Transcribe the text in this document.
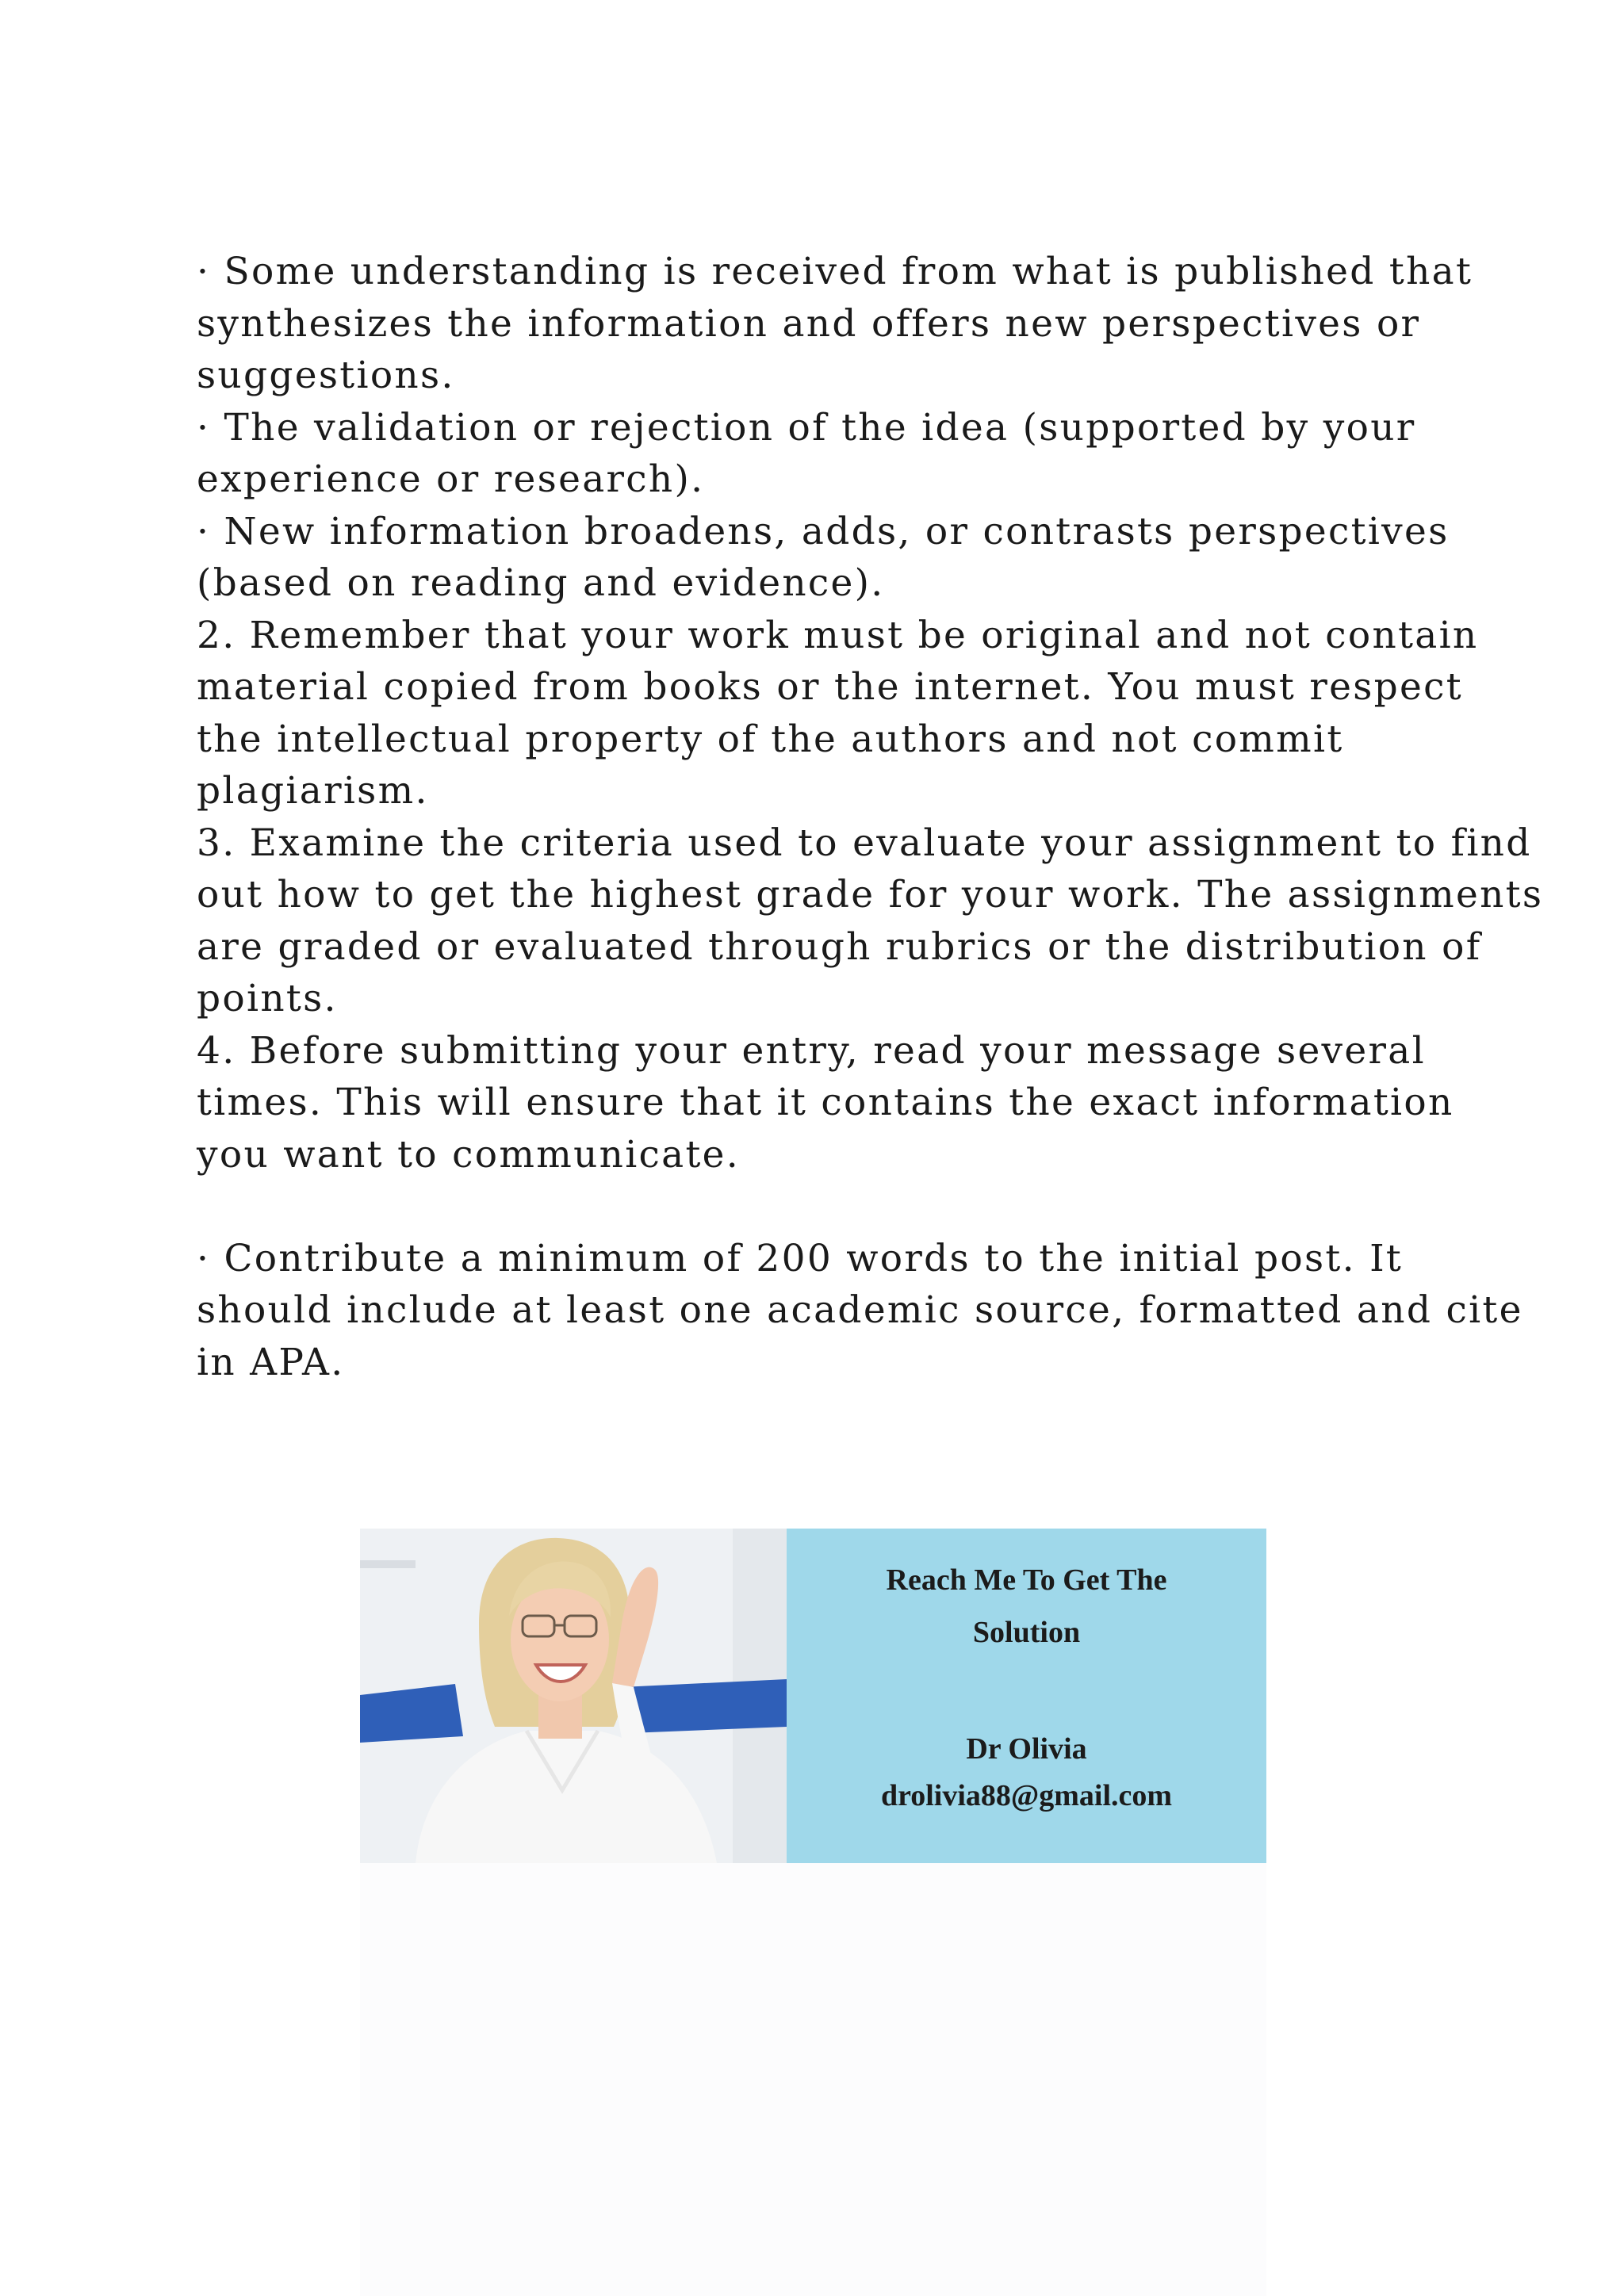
· Some understanding is received from what is published that
synthesizes the information and offers new perspectives or
suggestions.
· The validation or rejection of the idea (supported by your
experience or research).
· New information broadens, adds, or contrasts perspectives
(based on reading and evidence).
2. Remember that your work must be original and not contain
material copied from books or the internet. You must respect
the intellectual property of the authors and not commit
plagiarism.
3. Examine the criteria used to evaluate your assignment to find
out how to get the highest grade for your work. The assignments
are graded or evaluated through rubrics or the distribution of
points.
4. Before submitting your entry, read your message several
times. This will ensure that it contains the exact information
you want to communicate.
· Contribute a minimum of 200 words to the initial post. It
should include at least one academic source, formatted and cite
in APA.
Reach Me To Get The
Solution
Dr Olivia
drolivia88@gmail.com
